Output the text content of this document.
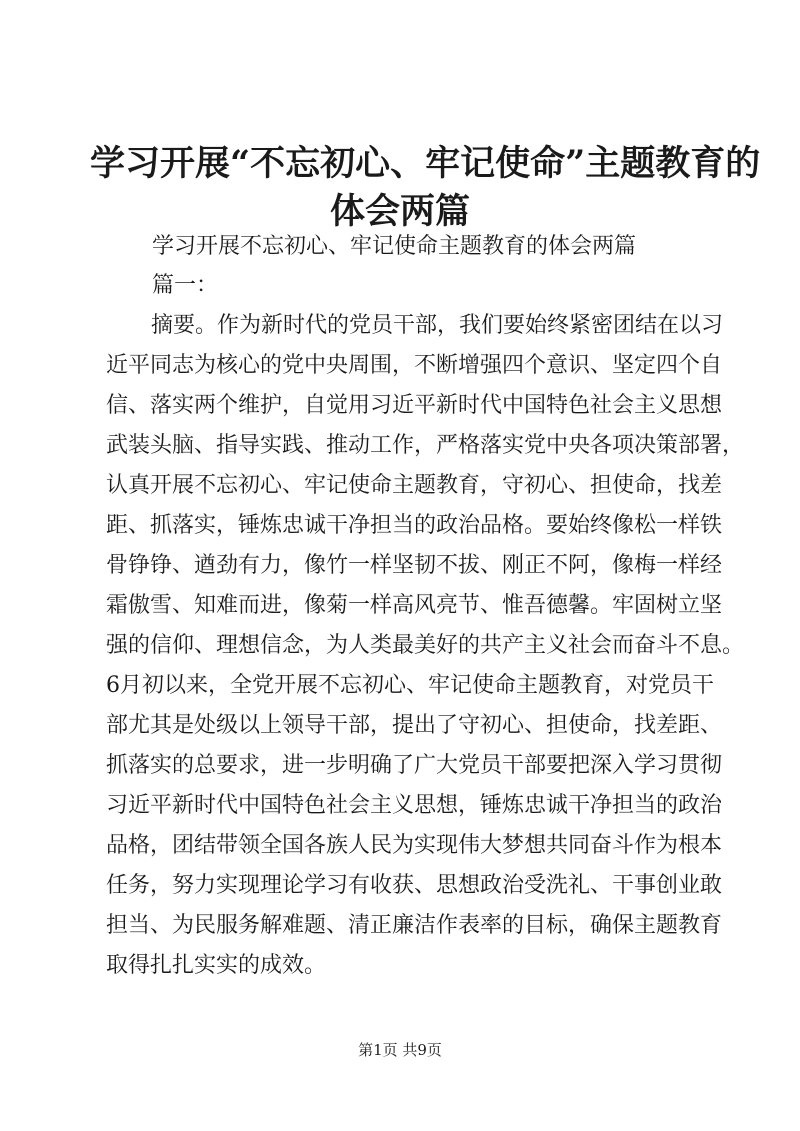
学习开展“不忘初心、牢记使命”主题教育的
体会两篇
学习开展不忘初心、牢记使命主题教育的体会两篇
篇一：
摘要。作为新时代的党员干部，我们要始终紧密团结在以习
近平同志为核心的党中央周围，不断增强四个意识、坚定四个自
信、落实两个维护，自觉用习近平新时代中国特色社会主义思想
武装头脑、指导实践、推动工作，严格落实党中央各项决策部署，
认真开展不忘初心、牢记使命主题教育，守初心、担使命，找差
距、抓落实，锤炼忠诚干净担当的政治品格。要始终像松一样铁
骨铮铮、遒劲有力，像竹一样坚韧不拔、刚正不阿，像梅一样经
霜傲雪、知难而进，像菊一样高风亮节、惟吾德馨。牢固树立坚
强的信仰、理想信念，为人类最美好的共产主义社会而奋斗不息。
6月初以来，全党开展不忘初心、牢记使命主题教育，对党员干
部尤其是处级以上领导干部，提出了守初心、担使命，找差距、
抓落实的总要求，进一步明确了广大党员干部要把深入学习贯彻
习近平新时代中国特色社会主义思想，锤炼忠诚干净担当的政治
品格，团结带领全国各族人民为实现伟大梦想共同奋斗作为根本
任务，努力实现理论学习有收获、思想政治受洗礼、干事创业敢
担当、为民服务解难题、清正廉洁作表率的目标，确保主题教育
取得扎扎实实的成效。
第1页 共9页
